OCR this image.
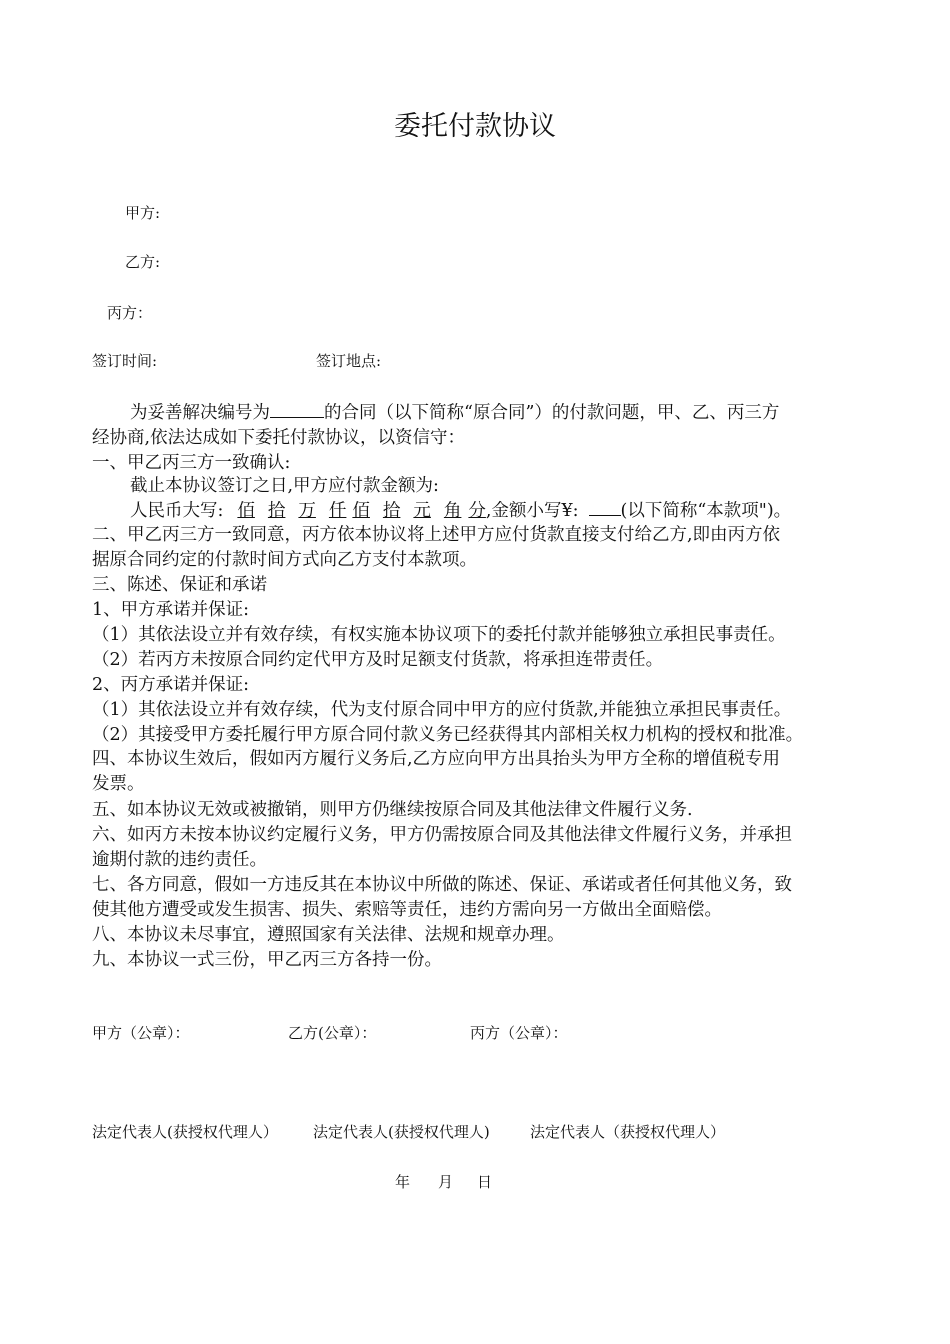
委托付款协议
甲方:
乙方:
丙方：
签订时间:	签订地点:
为妥善解决编号为	的合同（以下简称“原合同”）的付款问题，甲、乙、丙三方
经协商,依法达成如下委托付款协议，以资信守：
一、甲乙丙三方一致确认:
截止本协议签订之日,甲方应付款金额为:
人民币大写: 佰 拾 万 仟 佰 拾 元 角 分,金额小写¥: (以下简称“本款项")。
二、甲乙丙三方一致同意，丙方依本协议将上述甲方应付货款直接支付给乙方,即由丙方依
据原合同约定的付款时间方式向乙方支付本款项。
三、陈述、保证和承诺
1、甲方承诺并保证:
（1）其依法设立并有效存续，有权实施本协议项下的委托付款并能够独立承担民事责任。
（2）若丙方未按原合同约定代甲方及时足额支付货款，将承担连带责任。
2、丙方承诺并保证:
（1）其依法设立并有效存续，代为支付原合同中甲方的应付货款,并能独立承担民事责任。
（2）其接受甲方委托履行甲方原合同付款义务已经获得其内部相关权力机构的授权和批准。
四、本协议生效后，假如丙方履行义务后,乙方应向甲方出具抬头为甲方全称的增值税专用
发票。
五、如本协议无效或被撤销，则甲方仍继续按原合同及其他法律文件履行义务.
六、如丙方未按本协议约定履行义务，甲方仍需按原合同及其他法律文件履行义务，并承担
逾期付款的违约责任。
七、各方同意，假如一方违反其在本协议中所做的陈述、保证、承诺或者任何其他义务，致
使其他方遭受或发生损害、损失、索赔等责任，违约方需向另一方做出全面赔偿。
八、本协议未尽事宜，遵照国家有关法律、法规和规章办理。
九、本协议一式三份，甲乙丙三方各持一份。
甲方（公章）：	乙方(公章）：	丙方（公章）：
法定代表人(获授权代理人） 法定代表人(获授权代理人)	法定代表人（获授权代理人）
年 月 日
